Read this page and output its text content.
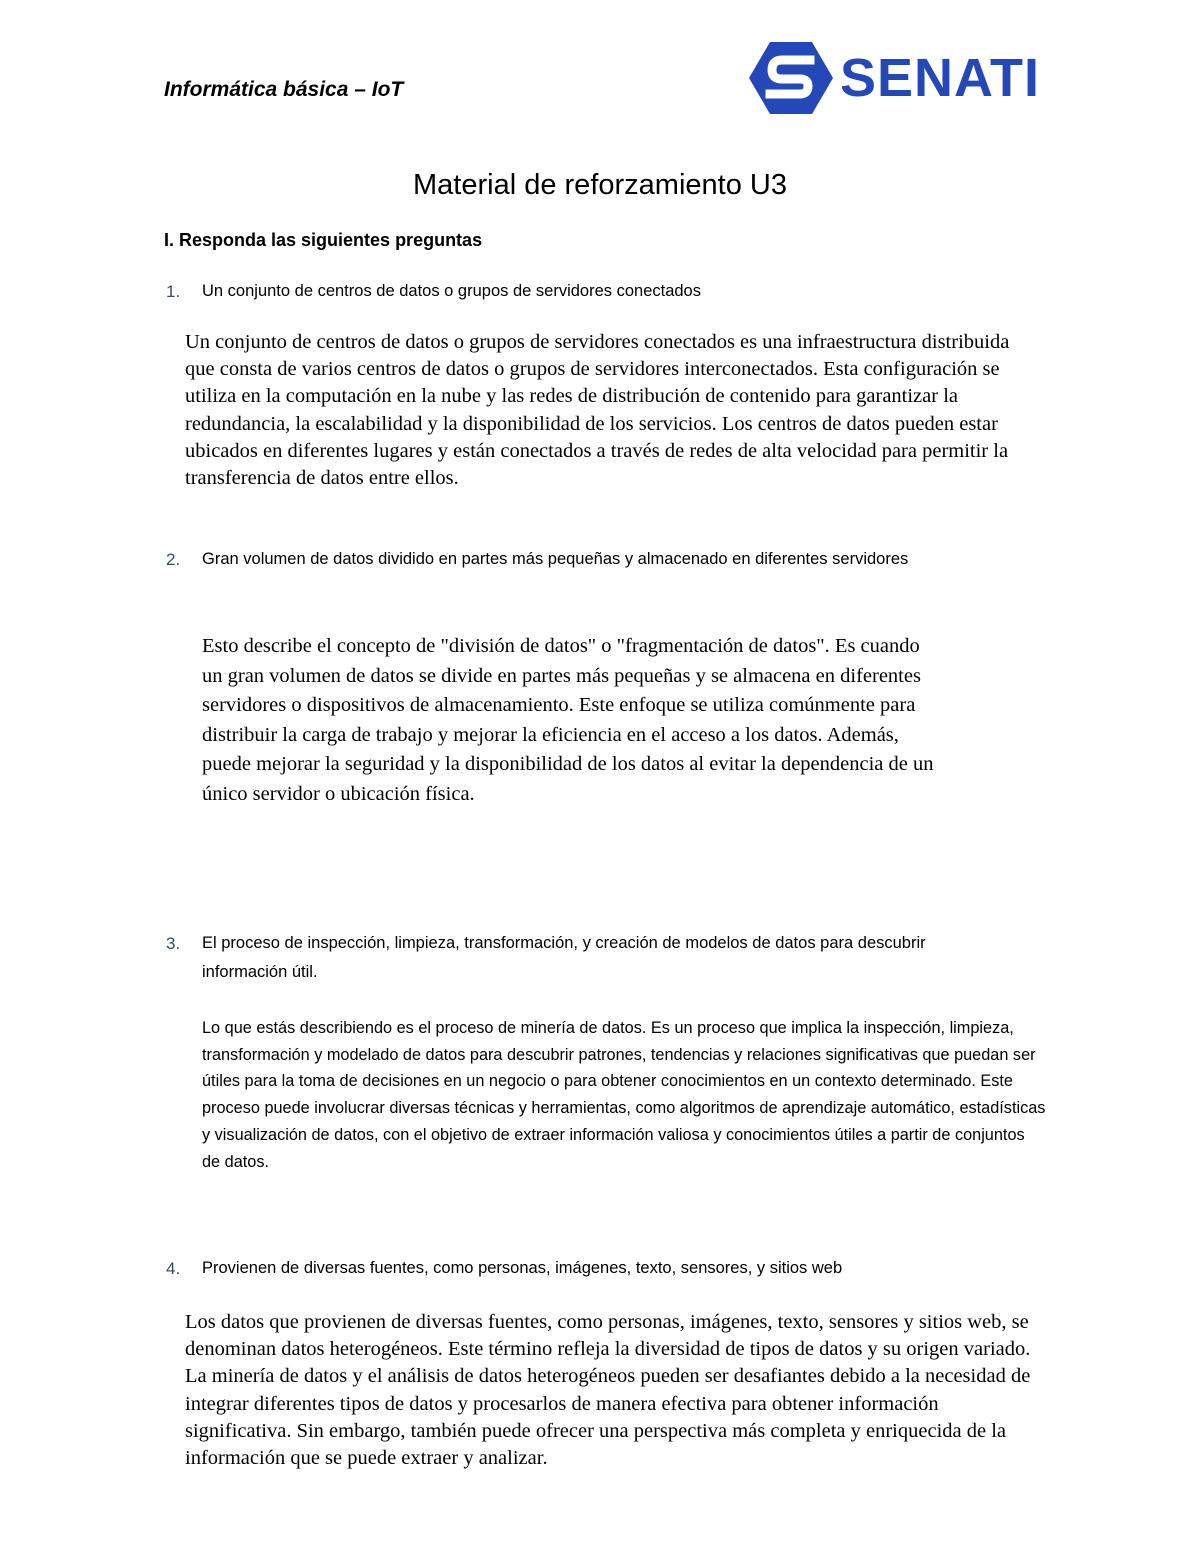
Informática básica – IoT	SENATI
Material de reforzamiento U3
I. Responda las siguientes preguntas
1. Un conjunto de centros de datos o grupos de servidores conectados
Un conjunto de centros de datos o grupos de servidores conectados es una infraestructura distribuida que consta de varios centros de datos o grupos de servidores interconectados. Esta configuración se utiliza en la computación en la nube y las redes de distribución de contenido para garantizar la redundancia, la escalabilidad y la disponibilidad de los servicios. Los centros de datos pueden estar ubicados en diferentes lugares y están conectados a través de redes de alta velocidad para permitir la transferencia de datos entre ellos.
2. Gran volumen de datos dividido en partes más pequeñas y almacenado en diferentes servidores
Esto describe el concepto de "división de datos" o "fragmentación de datos". Es cuando un gran volumen de datos se divide en partes más pequeñas y se almacena en diferentes servidores o dispositivos de almacenamiento. Este enfoque se utiliza comúnmente para distribuir la carga de trabajo y mejorar la eficiencia en el acceso a los datos. Además, puede mejorar la seguridad y la disponibilidad de los datos al evitar la dependencia de un único servidor o ubicación física.
3. El proceso de inspección, limpieza, transformación, y creación de modelos de datos para descubrir información útil.
Lo que estás describiendo es el proceso de minería de datos. Es un proceso que implica la inspección, limpieza, transformación y modelado de datos para descubrir patrones, tendencias y relaciones significativas que puedan ser útiles para la toma de decisiones en un negocio o para obtener conocimientos en un contexto determinado. Este proceso puede involucrar diversas técnicas y herramientas, como algoritmos de aprendizaje automático, estadísticas y visualización de datos, con el objetivo de extraer información valiosa y conocimientos útiles a partir de conjuntos de datos.
4. Provienen de diversas fuentes, como personas, imágenes, texto, sensores, y sitios web
Los datos que provienen de diversas fuentes, como personas, imágenes, texto, sensores y sitios web, se denominan datos heterogéneos. Este término refleja la diversidad de tipos de datos y su origen variado. La minería de datos y el análisis de datos heterogéneos pueden ser desafiantes debido a la necesidad de integrar diferentes tipos de datos y procesarlos de manera efectiva para obtener información significativa. Sin embargo, también puede ofrecer una perspectiva más completa y enriquecida de la información que se puede extraer y analizar.
